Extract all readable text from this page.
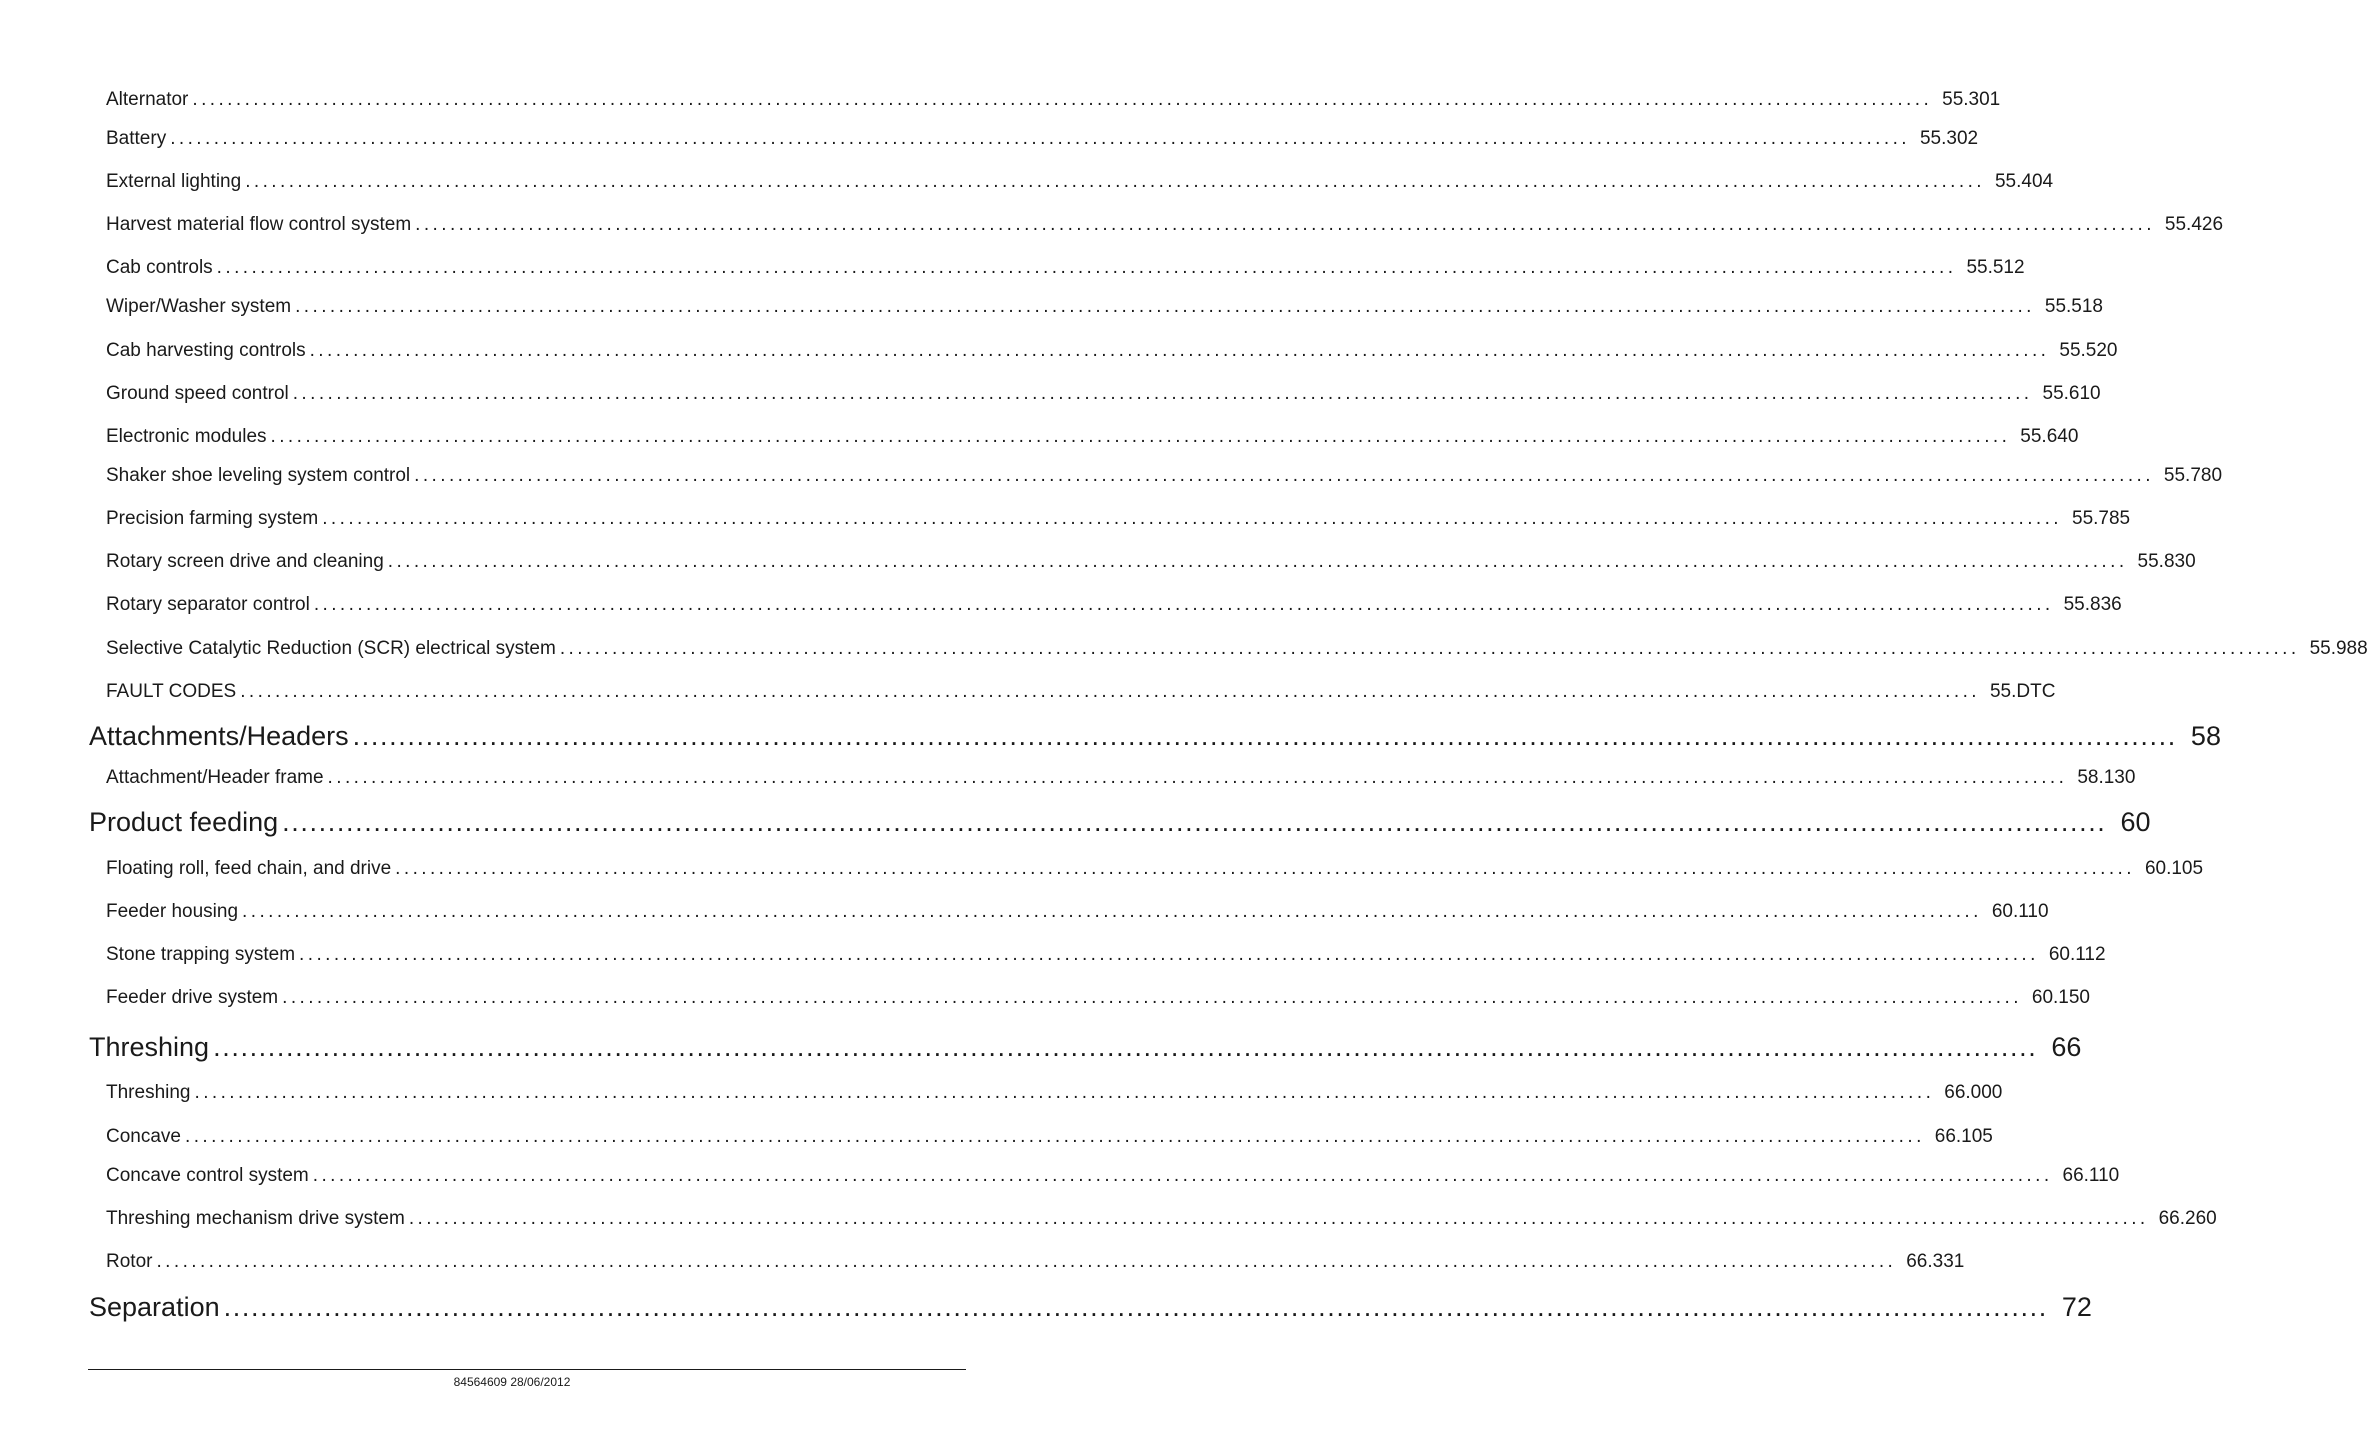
Alternator ........................................................................................................................................................................................................ 55.301
Battery ........................................................................................................................................................................................................ 55.302
External lighting ........................................................................................................................................................................................................ 55.404
Harvest material flow control system ........................................................................................................................................................................................................ 55.426
Cab controls ........................................................................................................................................................................................................ 55.512
Wiper/Washer system ........................................................................................................................................................................................................ 55.518
Cab harvesting controls ........................................................................................................................................................................................................ 55.520
Ground speed control ........................................................................................................................................................................................................ 55.610
Electronic modules ........................................................................................................................................................................................................ 55.640
Shaker shoe leveling system control ........................................................................................................................................................................................................ 55.780
Precision farming system ........................................................................................................................................................................................................ 55.785
Rotary screen drive and cleaning ........................................................................................................................................................................................................ 55.830
Rotary separator control ........................................................................................................................................................................................................ 55.836
Selective Catalytic Reduction (SCR) electrical system ........................................................................................................................................................................................................ 55.988
FAULT CODES ........................................................................................................................................................................................................ 55.DTC
Attachments/Headers ........................................................................................................................................................................................................ 58
Attachment/Header frame ........................................................................................................................................................................................................ 58.130
Product feeding ........................................................................................................................................................................................................ 60
Floating roll, feed chain, and drive ........................................................................................................................................................................................................ 60.105
Feeder housing ........................................................................................................................................................................................................ 60.110
Stone trapping system ........................................................................................................................................................................................................ 60.112
Feeder drive system ........................................................................................................................................................................................................ 60.150
Threshing ........................................................................................................................................................................................................ 66
Threshing ........................................................................................................................................................................................................ 66.000
Concave ........................................................................................................................................................................................................ 66.105
Concave control system ........................................................................................................................................................................................................ 66.110
Threshing mechanism drive system ........................................................................................................................................................................................................ 66.260
Rotor ........................................................................................................................................................................................................ 66.331
Separation ........................................................................................................................................................................................................ 72
84564609 28/06/2012
